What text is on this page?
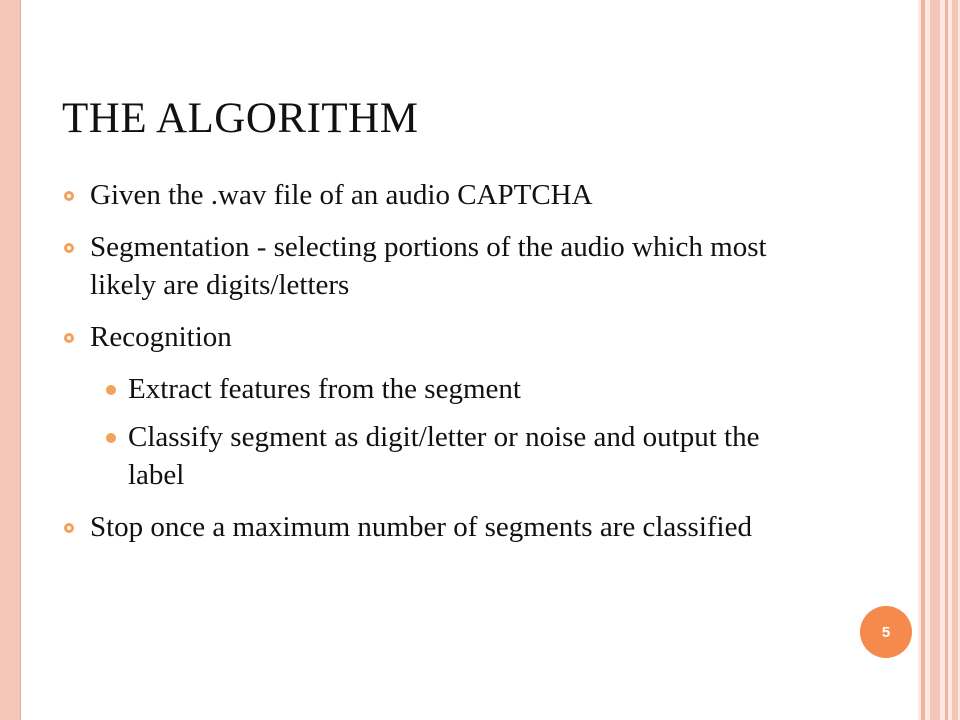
THE ALGORITHM
Given the .wav file of an audio CAPTCHA
Segmentation - selecting portions of the audio which most likely are digits/letters
Recognition
Extract features from the segment
Classify segment as digit/letter or noise and output the label
Stop once a maximum number of segments are classified
5
